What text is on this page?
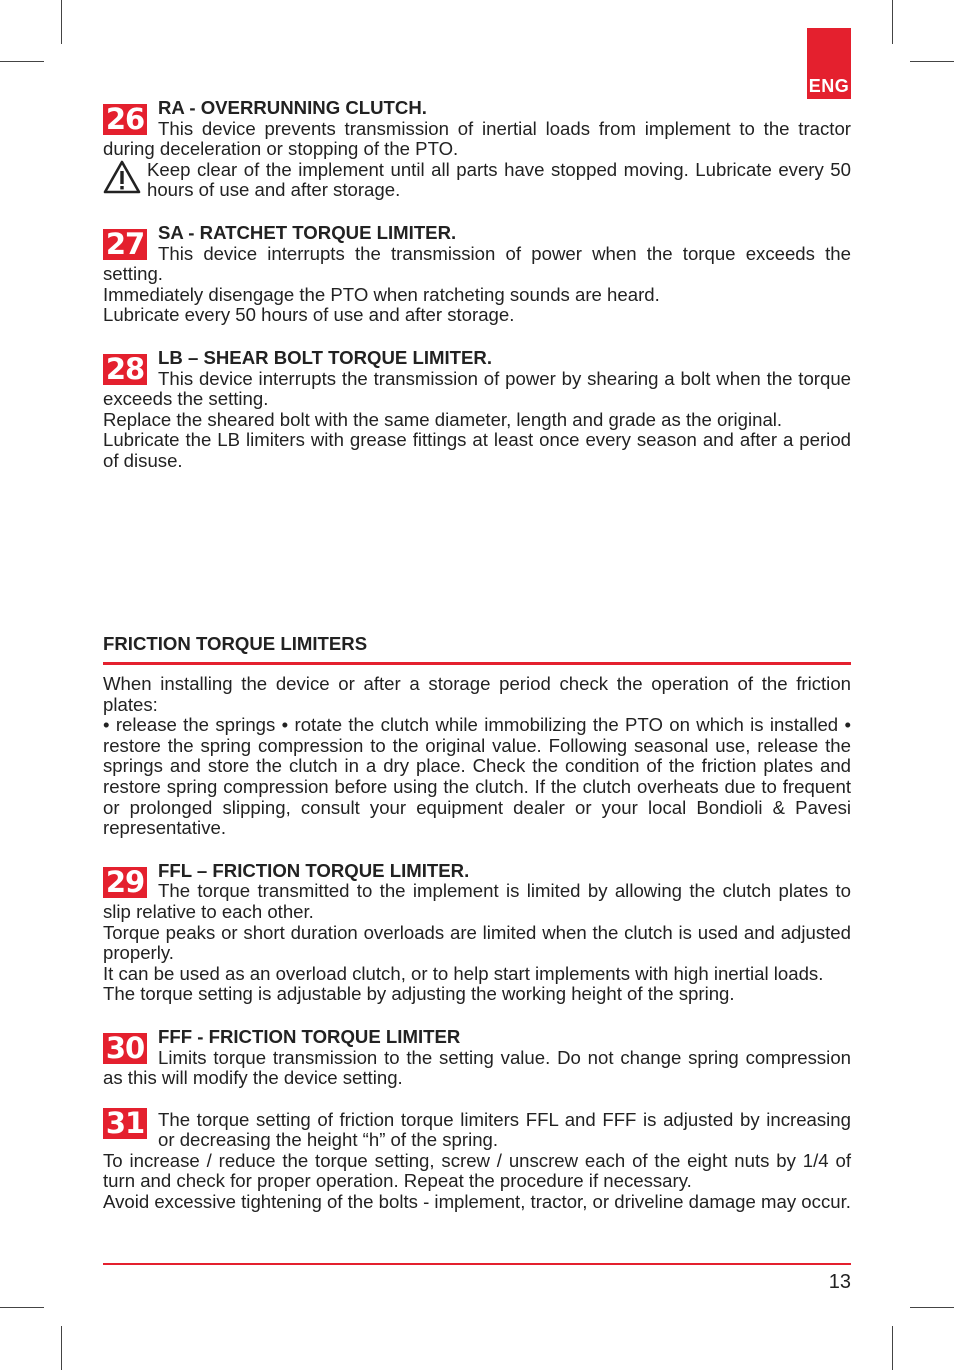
ENG
26 RA - OVERRUNNING CLUTCH.
This device prevents transmission of inertial loads from implement to the tractor during deceleration or stopping of the PTO.
Keep clear of the implement until all parts have stopped moving. Lubricate every 50 hours of use and after storage.
27 SA - RATCHET TORQUE LIMITER.
This device interrupts the transmission of power when the torque exceeds the setting.
Immediately disengage the PTO when ratcheting sounds are heard.
Lubricate every 50 hours of use and after storage.
28 LB – SHEAR BOLT TORQUE LIMITER.
This device interrupts the transmission of power by shearing a bolt when the torque exceeds the setting.
Replace the sheared bolt with the same diameter, length and grade as the original.
Lubricate the LB limiters with grease fittings at least once every season and after a period of disuse.
FRICTION TORQUE LIMITERS
When installing the device or after a storage period check the operation of the friction plates:
• release the springs • rotate the clutch while immobilizing the PTO on which is installed • restore the spring compression to the original value. Following seasonal use, release the springs and store the clutch in a dry place. Check the condition of the friction plates and restore spring compression before using the clutch. If the clutch overheats due to frequent or prolonged slipping, consult your equipment dealer or your local Bondioli & Pavesi representative.
29 FFL – FRICTION TORQUE LIMITER.
The torque transmitted to the implement is limited by allowing the clutch plates to slip relative to each other.
Torque peaks or short duration overloads are limited when the clutch is used and adjusted properly.
It can be used as an overload clutch, or to help start implements with high inertial loads.
The torque setting is adjustable by adjusting the working height of the spring.
30 FFF - FRICTION TORQUE LIMITER
Limits torque transmission to the setting value. Do not change spring compression as this will modify the device setting.
31 The torque setting of friction torque limiters FFL and FFF is adjusted by increasing or decreasing the height “h” of the spring.
To increase / reduce the torque setting, screw / unscrew each of the eight nuts by 1/4 of turn and check for proper operation. Repeat the procedure if necessary.
Avoid excessive tightening of the bolts - implement, tractor, or driveline damage may occur.
13
